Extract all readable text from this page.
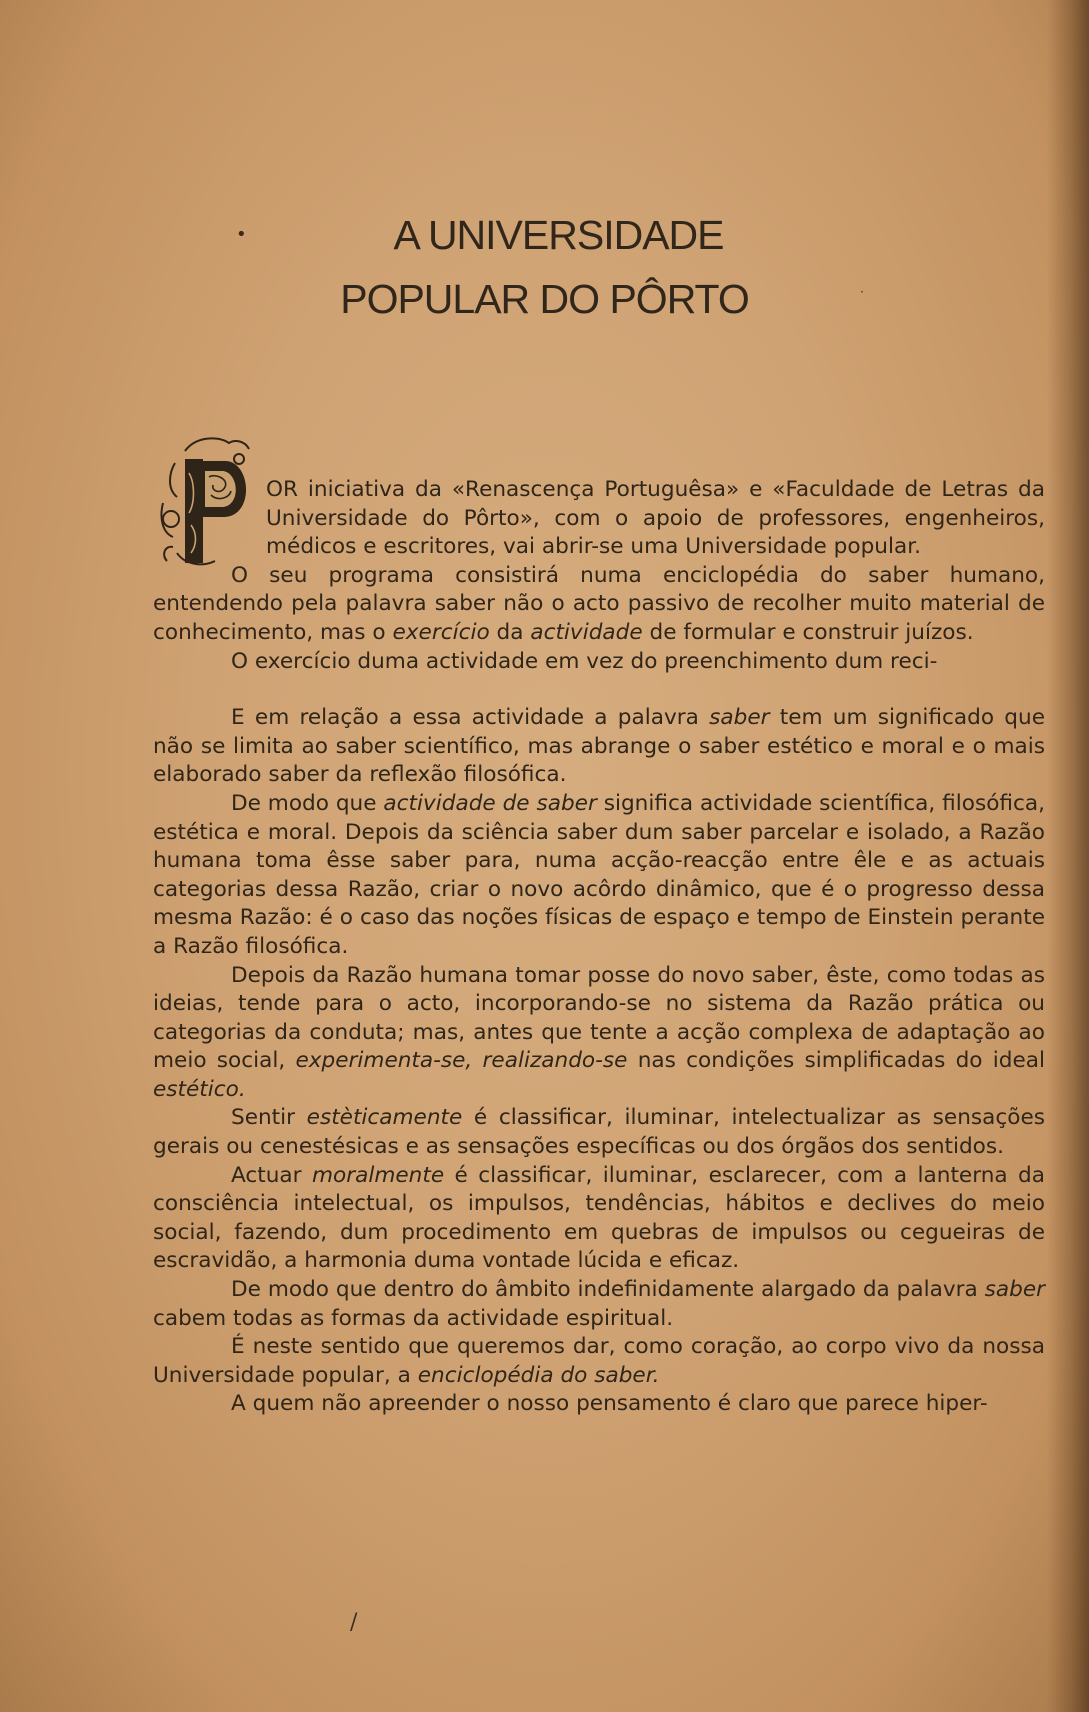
•
·
A UNIVERSIDADE
POPULAR DO PÔRTO

OR iniciativa da «Renascença Portuguêsa» e «Faculdade de Letras da Universidade do Pôrto», com o apoio de professores, engenheiros, médicos e escritores, vai abrir-se uma Universidade popular.

O seu programa consistirá numa enciclopédia do saber humano, entendendo pela palavra saber não o acto passivo de recolher muito material de conhecimento, mas o exercício da actividade de formular e construir juízos.

O exercício duma actividade em vez do preenchimento dum reci-

E em relação a essa actividade a palavra saber tem um significado que não se limita ao saber scientífico, mas abrange o saber estético e moral e o mais elaborado saber da reflexão filosófica.

De modo que actividade de saber significa actividade scientífica, filosófica, estética e moral. Depois da sciência saber dum saber parcelar e isolado, a Razão humana toma êsse saber para, numa acção-reacção entre êle e as actuais categorias dessa Razão, criar o novo acôrdo dinâmico, que é o progresso dessa mesma Razão: é o caso das noções físicas de espaço e tempo de Einstein perante a Razão filosófica.

Depois da Razão humana tomar posse do novo saber, êste, como todas as ideias, tende para o acto, incorporando-se no sistema da Razão prática ou categorias da conduta; mas, antes que tente a acção complexa de adaptação ao meio social, experimenta-se, realizando-se nas condições simplificadas do ideal estético.

Sentir estèticamente é classificar, iluminar, intelectualizar as sensações gerais ou cenestésicas e as sensações específicas ou dos órgãos dos sentidos.

Actuar moralmente é classificar, iluminar, esclarecer, com a lanterna da consciência intelectual, os impulsos, tendências, hábitos e declives do meio social, fazendo, dum procedimento em quebras de impulsos ou cegueiras de escravidão, a harmonia duma vontade lúcida e eficaz.

De modo que dentro do âmbito indefinidamente alargado da palavra saber cabem todas as formas da actividade espiritual.

É neste sentido que queremos dar, como coração, ao corpo vivo da nossa Universidade popular, a enciclopédia do saber.

A quem não apreender o nosso pensamento é claro que parece hiper-

/
